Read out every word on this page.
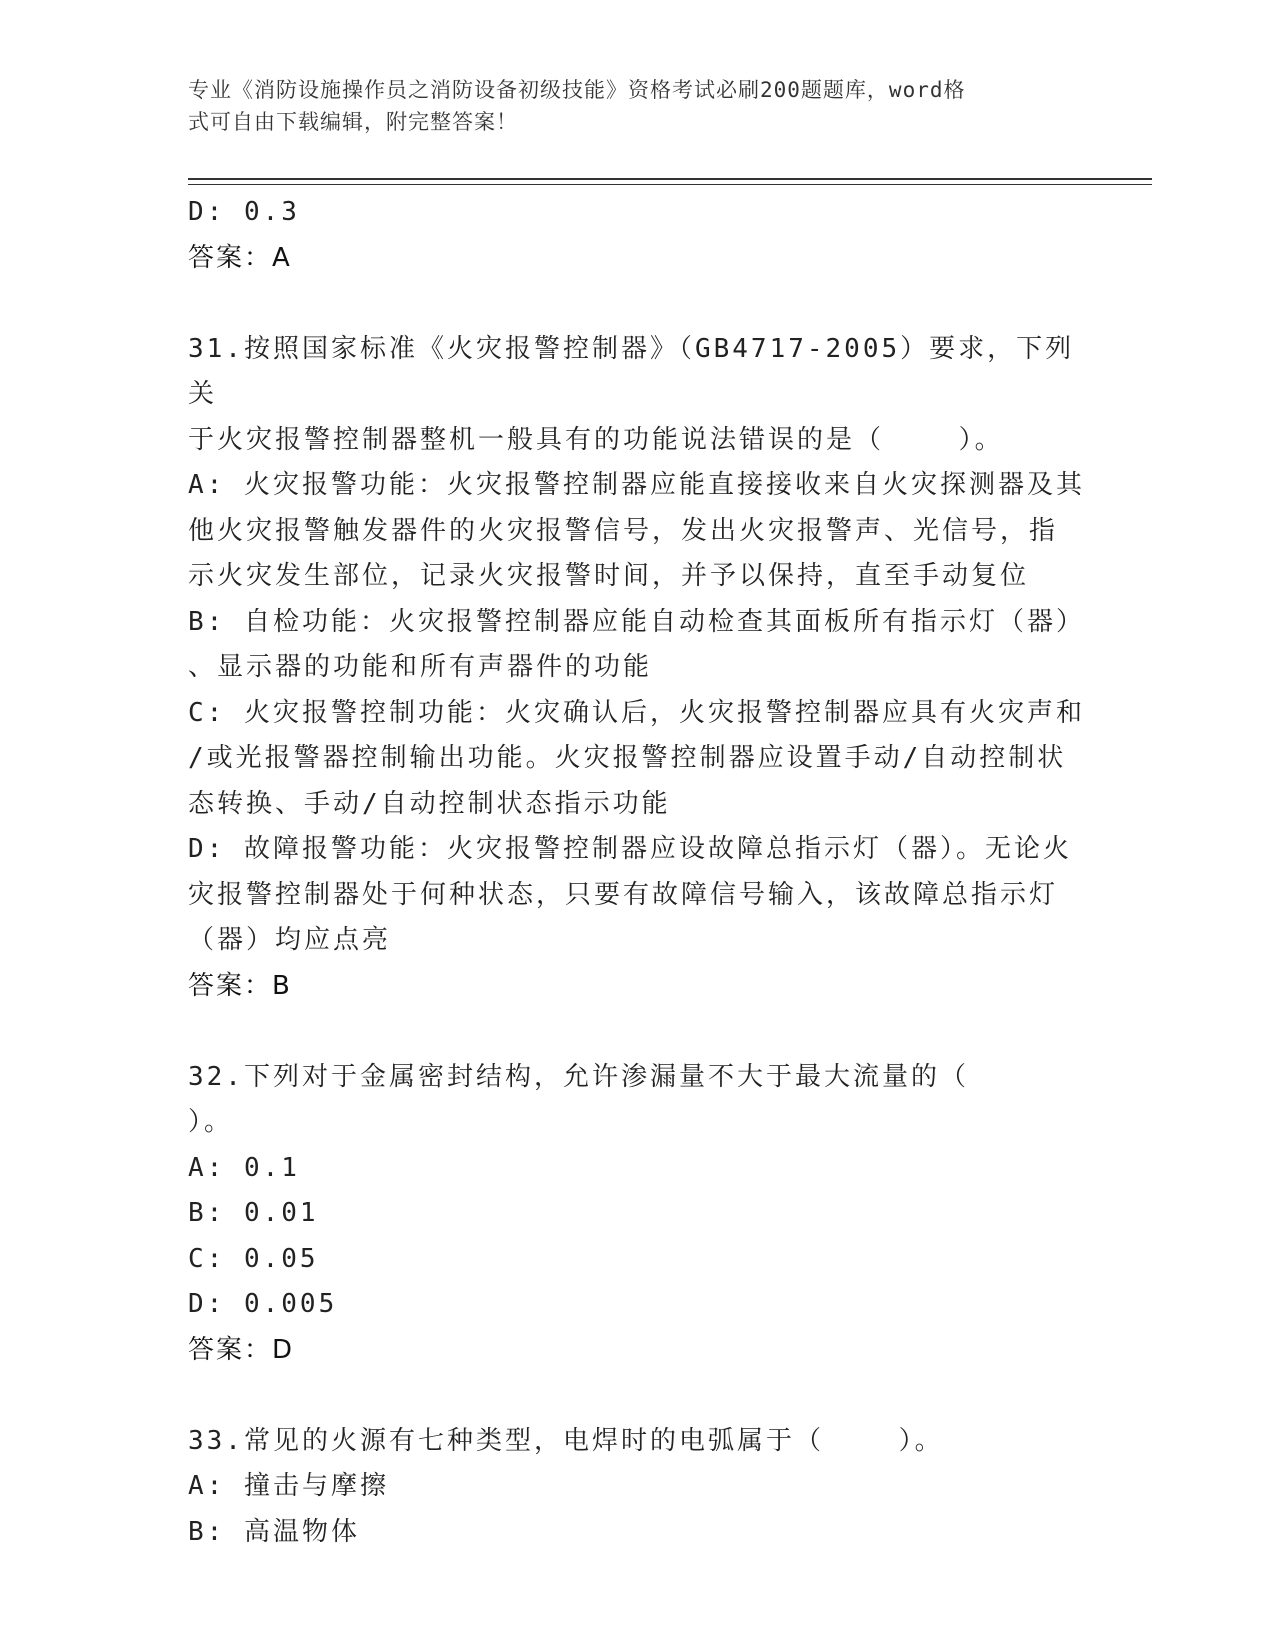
专业《消防设施操作员之消防设备初级技能》资格考试必刷200题题库，word格
式可自由下载编辑，附完整答案！
D: 0.3
答案：A
31.按照国家标准《火灾报警控制器》（GB4717-2005）要求，下列关
于火灾报警控制器整机一般具有的功能说法错误的是（    ）。
A: 火灾报警功能：火灾报警控制器应能直接接收来自火灾探测器及其
他火灾报警触发器件的火灾报警信号，发出火灾报警声、光信号，指
示火灾发生部位，记录火灾报警时间，并予以保持，直至手动复位
B: 自检功能：火灾报警控制器应能自动检查其面板所有指示灯（器）
、显示器的功能和所有声器件的功能
C: 火灾报警控制功能：火灾确认后，火灾报警控制器应具有火灾声和
/或光报警器控制输出功能。火灾报警控制器应设置手动/自动控制状
态转换、手动/自动控制状态指示功能
D: 故障报警功能：火灾报警控制器应设故障总指示灯（器）。无论火
灾报警控制器处于何种状态，只要有故障信号输入，该故障总指示灯
（器）均应点亮
答案：B
32.下列对于金属密封结构，允许渗漏量不大于最大流量的（    ）。
A: 0.1
B: 0.01
C: 0.05
D: 0.005
答案：D
33.常见的火源有七种类型，电焊时的电弧属于（    ）。
A: 撞击与摩擦
B: 高温物体
